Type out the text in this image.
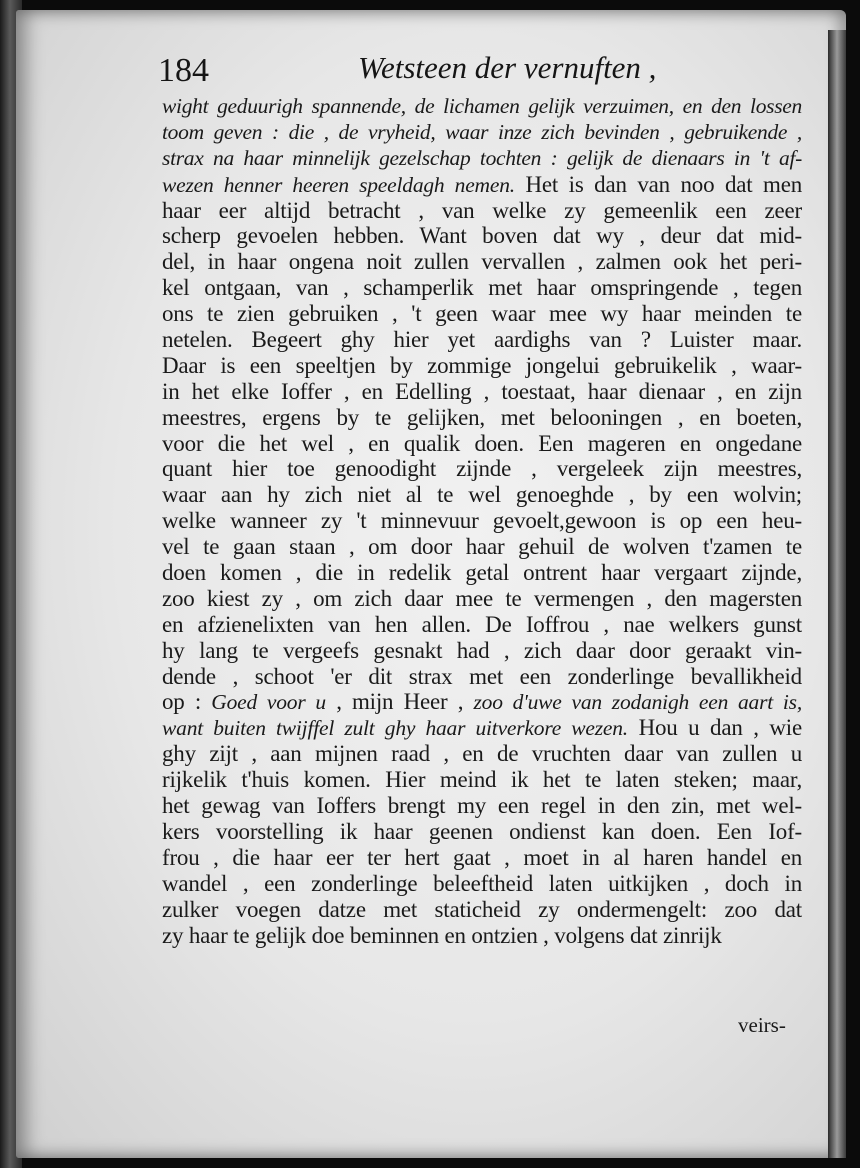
184	Wetsteen der vernuften ,
wight geduurigh spannende, de lichamen gelijk verzuimen, en den lossen
toom geven : die , de vryheid, waar inze zich bevinden , gebruikende ,
strax na haar minnelijk gezelschap tochten : gelijk de dienaars in 't af-
wezen henner heeren speeldagh nemen. Het is dan van noo dat men
haar eer altijd betracht , van welke zy gemeenlik een zeer
scherp gevoelen hebben. Want boven dat wy , deur dat mid-
del, in haar ongena noit zullen vervallen , zalmen ook het peri-
kel ontgaan, van , schamperlik met haar omspringende , tegen
ons te zien gebruiken , 't geen waar mee wy haar meinden te
netelen. Begeert ghy hier yet aardighs van ? Luister maar.
Daar is een speeltjen by zommige jongelui gebruikelik , waar-
in het elke Ioffer , en Edelling , toestaat, haar dienaar , en zijn
meestres, ergens by te gelijken, met belooningen , en boeten,
voor die het wel , en qualik doen. Een mageren en ongedane
quant hier toe genoodight zijnde , vergeleek zijn meestres,
waar aan hy zich niet al te wel genoeghde , by een wolvin;
welke wanneer zy 't minnevuur gevoelt,gewoon is op een heu-
vel te gaan staan , om door haar gehuil de wolven t'zamen te
doen komen , die in redelik getal ontrent haar vergaart zijnde,
zoo kiest zy , om zich daar mee te vermengen , den magersten
en afzienelixten van hen allen. De Ioffrou , nae welkers gunst
hy lang te vergeefs gesnakt had , zich daar door geraakt vin-
dende , schoot 'er dit strax met een zonderlinge bevallikheid
op : Goed voor u , mijn Heer , zoo d'uwe van zodanigh een aart is,
want buiten twijffel zult ghy haar uitverkore wezen. Hou u dan , wie
ghy zijt , aan mijnen raad , en de vruchten daar van zullen u
rijkelik t'huis komen. Hier meind ik het te laten steken; maar,
het gewag van Ioffers brengt my een regel in den zin, met wel-
kers voorstelling ik haar geenen ondienst kan doen. Een Iof-
frou , die haar eer ter hert gaat , moet in al haren handel en
wandel , een zonderlinge beleeftheid laten uitkijken , doch in
zulker voegen datze met staticheid zy ondermengelt: zoo dat
zy haar te gelijk doe beminnen en ontzien , volgens dat zinrijk
veirs-
